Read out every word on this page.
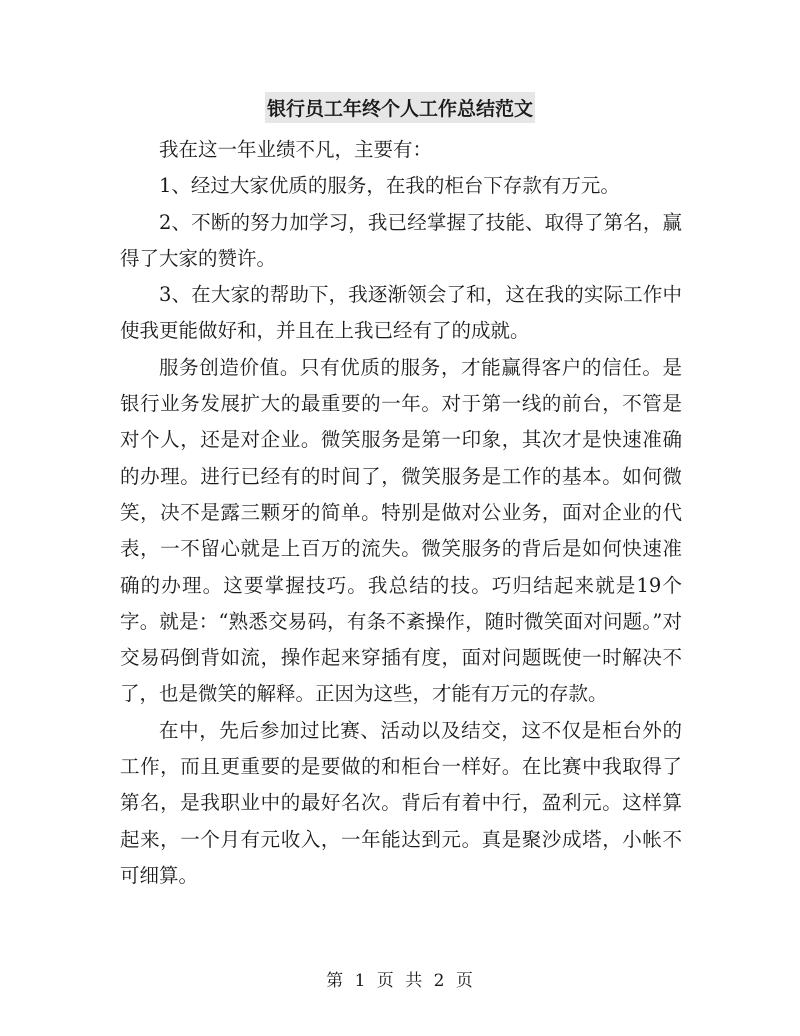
银行员工年终个人工作总结范文

我在这一年业绩不凡，主要有：

1、经过大家优质的服务，在我的柜台下存款有万元。

2、不断的努力加学习，我已经掌握了技能、取得了第名，赢得了大家的赞许。

3、在大家的帮助下，我逐渐领会了和，这在我的实际工作中使我更能做好和，并且在上我已经有了的成就。

服务创造价值。只有优质的服务，才能赢得客户的信任。是银行业务发展扩大的最重要的一年。对于第一线的前台，不管是对个人，还是对企业。微笑服务是第一印象，其次才是快速准确的办理。进行已经有的时间了，微笑服务是工作的基本。如何微笑，决不是露三颗牙的简单。特别是做对公业务，面对企业的代表，一不留心就是上百万的流失。微笑服务的背后是如何快速准确的办理。这要掌握技巧。我总结的技。巧归结起来就是19个字。就是：“熟悉交易码，有条不紊操作，随时微笑面对问题。”对交易码倒背如流，操作起来穿插有度，面对问题既使一时解决不了，也是微笑的解释。正因为这些，才能有万元的存款。

在中，先后参加过比赛、活动以及结交，这不仅是柜台外的工作，而且更重要的是要做的和柜台一样好。在比赛中我取得了第名，是我职业中的最好名次。背后有着中行，盈利元。这样算起来，一个月有元收入，一年能达到元。真是聚沙成塔，小帐不可细算。

第 1 页 共 2 页
